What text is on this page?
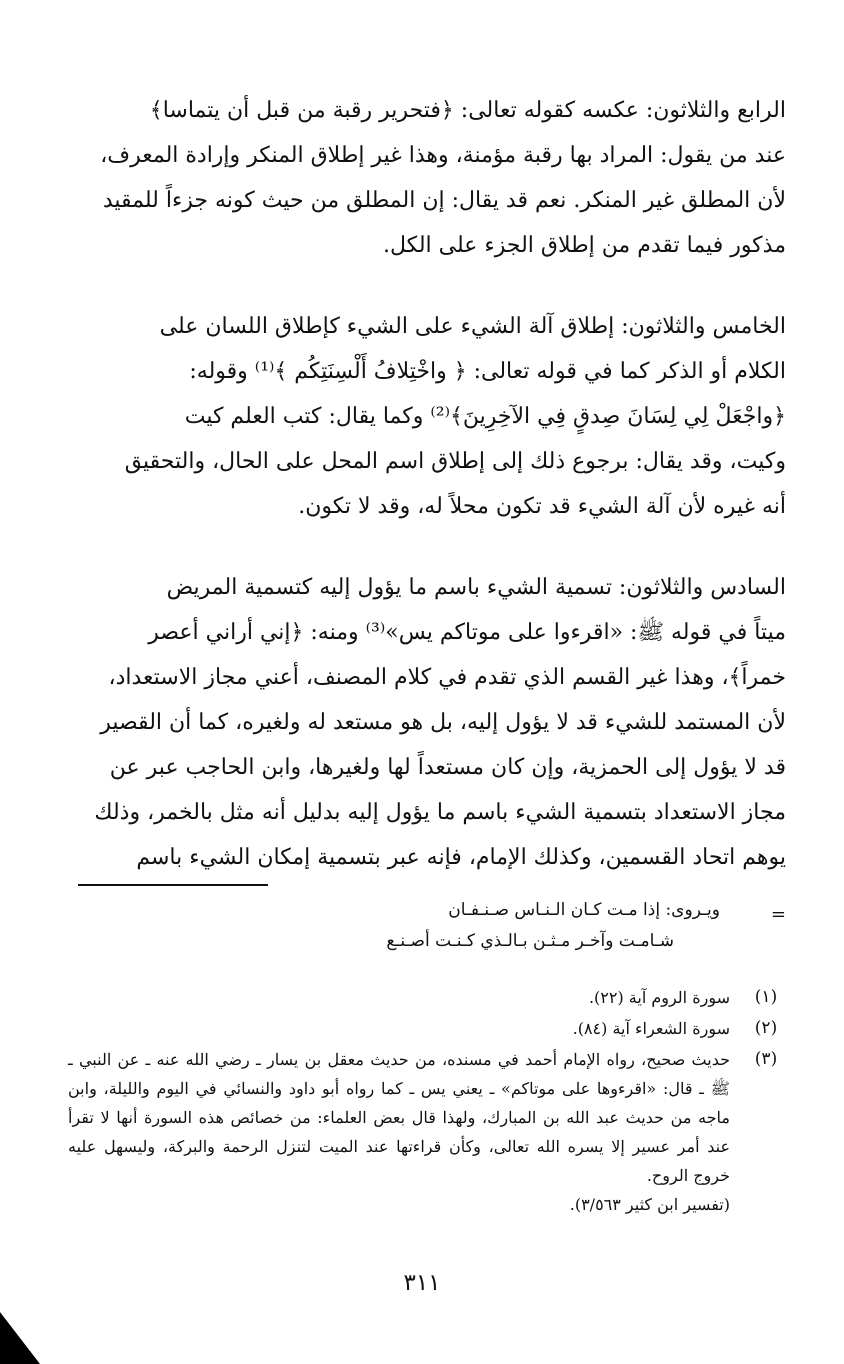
الرابع والثلاثون: عكسه كقوله تعالى: ﴿فتحرير رقبة من قبل أن يتماسا﴾

عند من يقول: المراد بها رقبة مؤمنة، وهذا غير إطلاق المنكر وإرادة المعرف،

لأن المطلق غير المنكر. نعم قد يقال: إن المطلق من حيث كونه جزءاً للمقيد

مذكور فيما تقدم من إطلاق الجزء على الكل.

الخامس والثلاثون: إطلاق آلة الشيء على الشيء كإطلاق اللسان على

الكلام أو الذكر كما في قوله تعالى: ﴿ واخْتِلافُ أَلْسِنَتِكُم ﴾⁽¹⁾ وقوله:

﴿واجْعَلْ لِي لِسَانَ صِدقٍ فِي الآخِرِينَ﴾⁽²⁾ وكما يقال: كتب العلم كيت

وكيت، وقد يقال: برجوع ذلك إلى إطلاق اسم المحل على الحال، والتحقيق

أنه غيره لأن آلة الشيء قد تكون محلاً له، وقد لا تكون.

السادس والثلاثون: تسمية الشيء باسم ما يؤول إليه كتسمية المريض

ميتاً في قوله ﷺ: «اقرءوا على موتاكم يس»⁽³⁾ ومنه: ﴿إني أراني أعصر

خمراً﴾، وهذا غير القسم الذي تقدم في كلام المصنف، أعني مجاز الاستعداد،

لأن المستمد للشيء قد لا يؤول إليه، بل هو مستعد له ولغيره، كما أن القصير

قد لا يؤول إلى الحمزية، وإن كان مستعداً لها ولغيرها، وابن الحاجب عبر عن

مجاز الاستعداد بتسمية الشيء باسم ما يؤول إليه بدليل أنه مثل بالخمر، وذلك

يوهم اتحاد القسمين، وكذلك الإمام، فإنه عبر بتسمية إمكان الشيء باسم

=
ويـروى: إذا مـت كـان الـنـاس صـنـفـان
شـامـت وآخـر مـثـن بـالـذي كـنـت أصـنـع
(١)
سورة الروم آية (٢٢).
(٢)
سورة الشعراء آية (٨٤).
(٣)
حديث صحيح، رواه الإمام أحمد في مسنده، من حديث معقل بن يسار ـ رضي الله عنه ـ عن النبي ـ ﷺ ـ قال: «اقرءوها على موتاكم» ـ يعني يس ـ كما رواه أبو داود والنسائي في اليوم والليلة، وابن ماجه من حديث عبد الله بن المبارك، ولهذا قال بعض العلماء: من خصائص هذه السورة أنها لا تقرأ عند أمر عسير إلا يسره الله تعالى، وكأن قراءتها عند الميت لتنزل الرحمة والبركة، وليسهل عليه خروج الروح.
(تفسير ابن كثير ٣/٥٦٣).
٣١١
